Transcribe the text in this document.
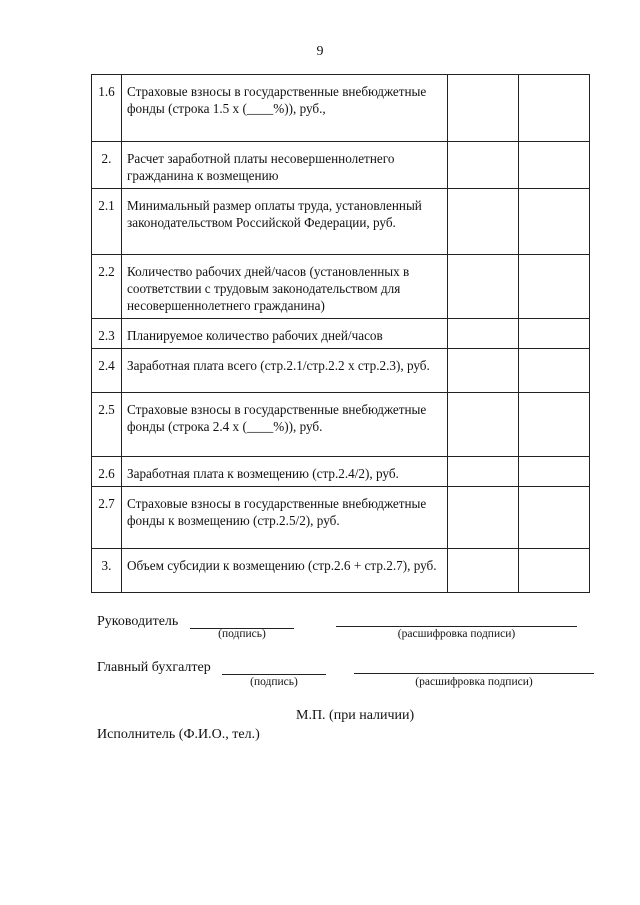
9
1.6	Страховые взносы в государственные внебюджетные фонды (строка 1.5 х (____%)), руб.,		
2.	Расчет заработной платы несовершеннолетнего гражданина к возмещению		
2.1	Минимальный размер оплаты труда, установленный законодательством Российской Федерации, руб.		
2.2	Количество рабочих дней/часов (установленных в соответствии с трудовым законодательством для несовершеннолетнего гражданина)		
2.3	Планируемое количество рабочих дней/часов		
2.4	Заработная плата всего (стр.2.1/стр.2.2 х стр.2.3), руб.		
2.5	Страховые взносы в государственные внебюджетные фонды (строка 2.4 х (____%)), руб.		
2.6	Заработная плата к возмещению (стр.2.4/2), руб.		
2.7	Страховые взносы в государственные внебюджетные фонды к возмещению (стр.2.5/2), руб.		
3.	Объем субсидии к возмещению (стр.2.6 + стр.2.7), руб.		
Руководитель
(подпись)	(расшифровка подписи)
Главный бухгалтер
(подпись)	(расшифровка подписи)
М.П. (при наличии)
Исполнитель (Ф.И.О., тел.)
